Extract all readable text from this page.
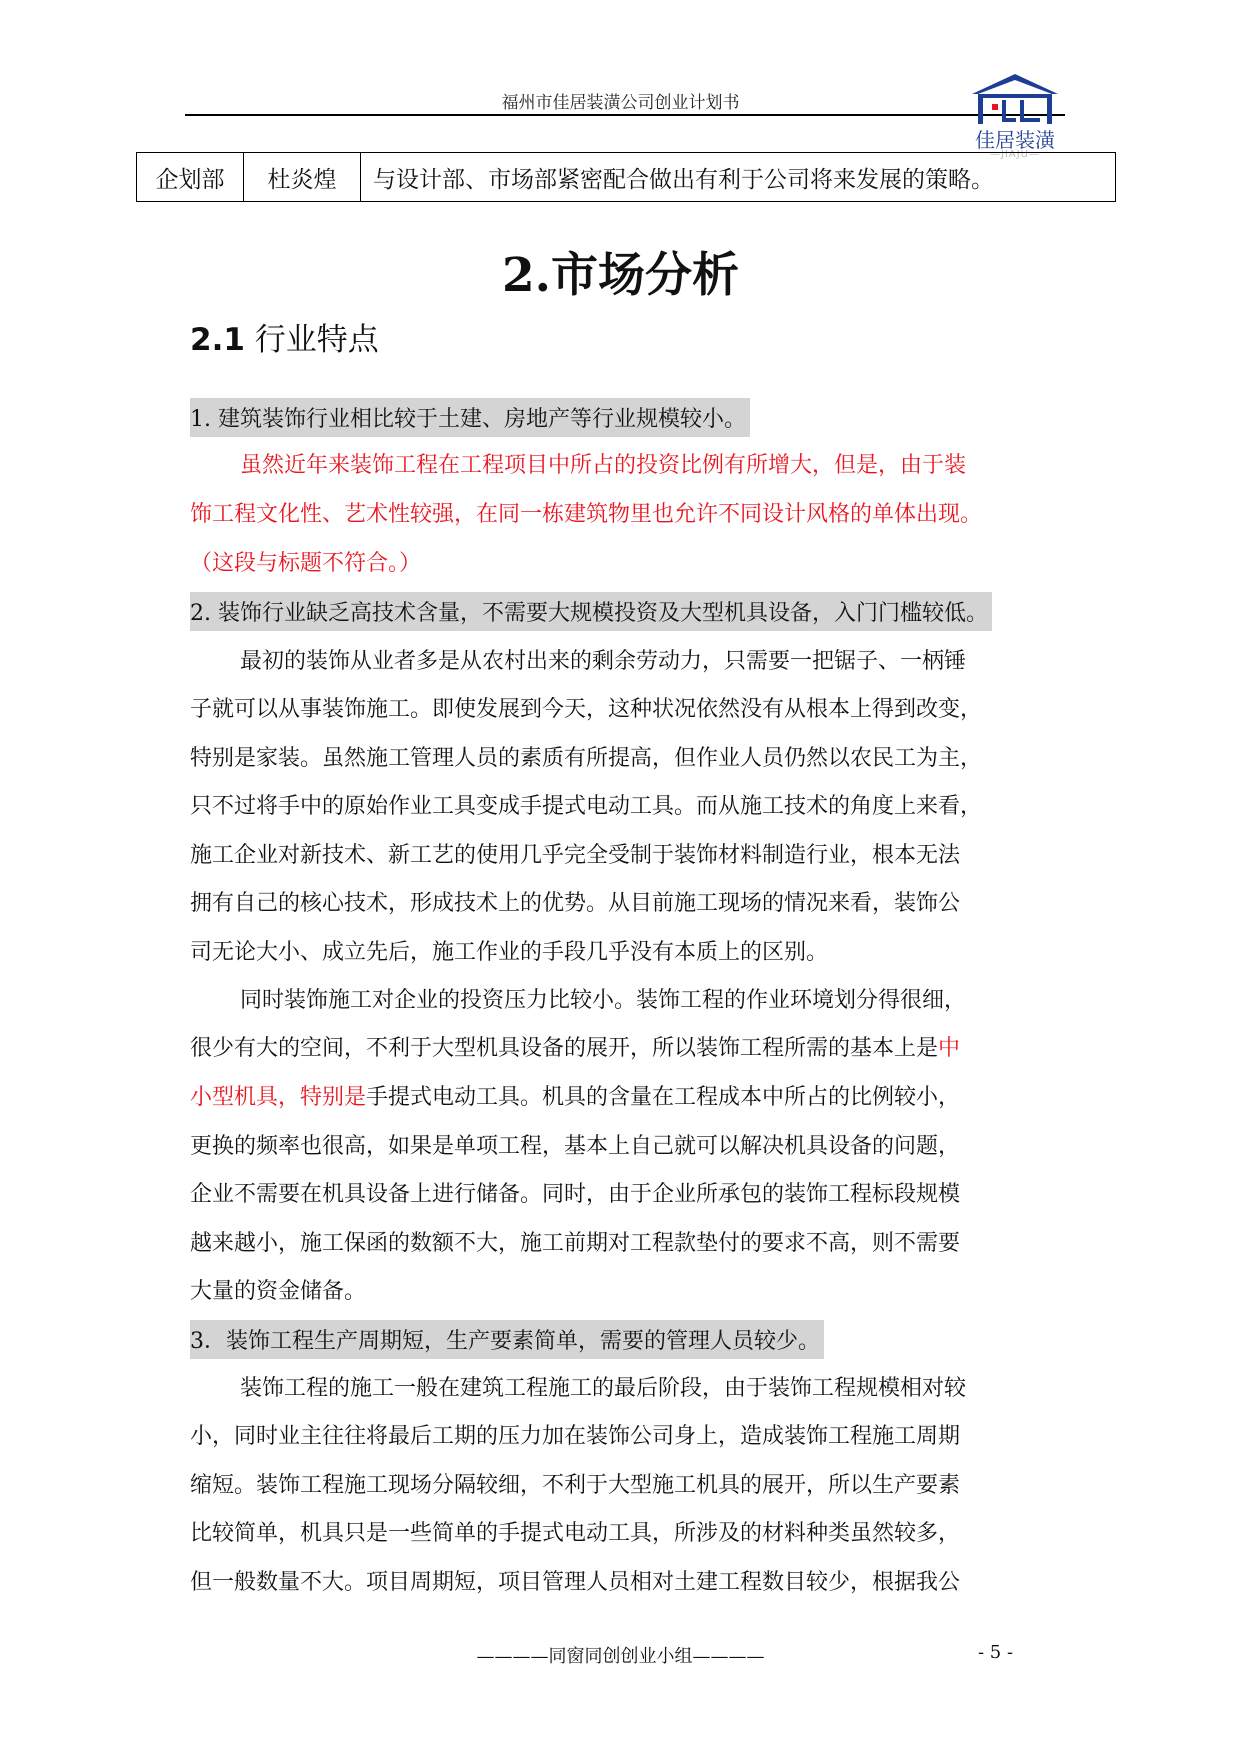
福州市佳居装潢公司创业计划书
佳居装潢
—JIAJU—
企划部	杜炎煌	与设计部、市场部紧密配合做出有利于公司将来发展的策略。
2.市场分析
2.1 行业特点
1. 建筑装饰行业相比较于土建、房地产等行业规模较小。
虽然近年来装饰工程在工程项目中所占的投资比例有所增大，但是，由于装
饰工程文化性、艺术性较强，在同一栋建筑物里也允许不同设计风格的单体出现。
（这段与标题不符合。）
2. 装饰行业缺乏高技术含量，不需要大规模投资及大型机具设备，入门门槛较低。
最初的装饰从业者多是从农村出来的剩余劳动力，只需要一把锯子、一柄锤
子就可以从事装饰施工。即使发展到今天，这种状况依然没有从根本上得到改变，
特别是家装。虽然施工管理人员的素质有所提高，但作业人员仍然以农民工为主，
只不过将手中的原始作业工具变成手提式电动工具。而从施工技术的角度上来看，
施工企业对新技术、新工艺的使用几乎完全受制于装饰材料制造行业，根本无法
拥有自己的核心技术，形成技术上的优势。从目前施工现场的情况来看，装饰公
司无论大小、成立先后，施工作业的手段几乎没有本质上的区别。
同时装饰施工对企业的投资压力比较小。装饰工程的作业环境划分得很细，
很少有大的空间，不利于大型机具设备的展开，所以装饰工程所需的基本上是中
小型机具，特别是手提式电动工具。机具的含量在工程成本中所占的比例较小，
更换的频率也很高，如果是单项工程，基本上自己就可以解决机具设备的问题，
企业不需要在机具设备上进行储备。同时，由于企业所承包的装饰工程标段规模
越来越小，施工保函的数额不大，施工前期对工程款垫付的要求不高，则不需要
大量的资金储备。
3．装饰工程生产周期短，生产要素简单，需要的管理人员较少。
装饰工程的施工一般在建筑工程施工的最后阶段，由于装饰工程规模相对较
小，同时业主往往将最后工期的压力加在装饰公司身上，造成装饰工程施工周期
缩短。装饰工程施工现场分隔较细，不利于大型施工机具的展开，所以生产要素
比较简单，机具只是一些简单的手提式电动工具，所涉及的材料种类虽然较多，
但一般数量不大。项目周期短，项目管理人员相对土建工程数目较少，根据我公
————同窗同创创业小组————	- 5 -
